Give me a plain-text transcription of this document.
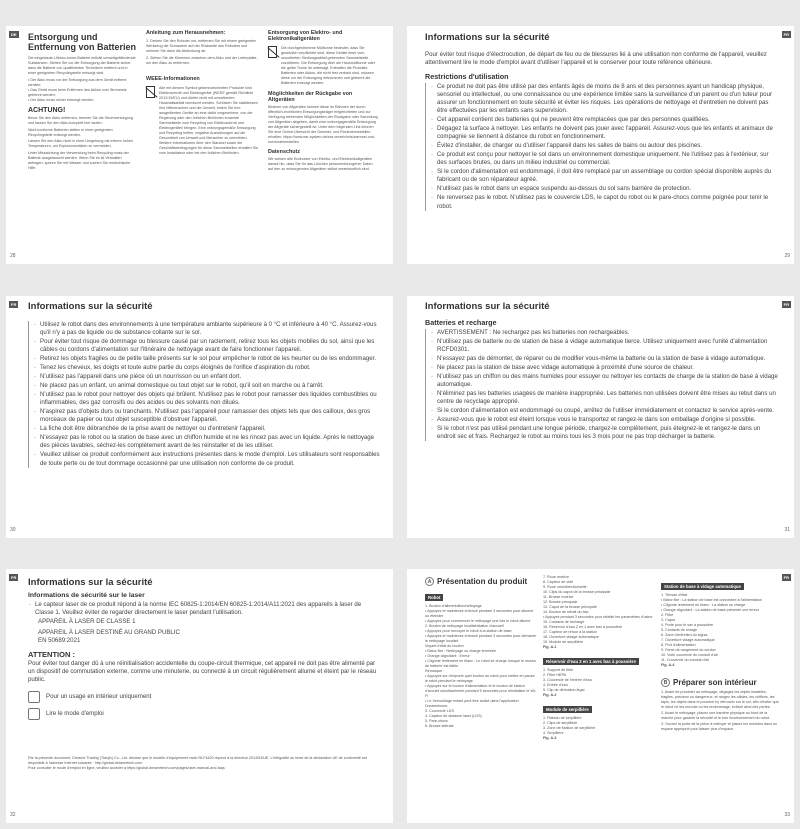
DE Entsorgung und Entfernung von Batterien
Die eingebaute Lithium-Ionen-Batterie enthält umweltgefährdende Substanzen. Stellen Sie vor der Entsorgung der Batterie sicher, dass die Batterie von qualifizierten Technikern entfernt und in einer geeigneten Recyclingstelle entsorgt wird.
• Der Akku muss vor der Entsorgung aus dem Gerät entfernt werden;
• Das Gerät muss beim Entfernen des Akkus vom Stromnetz getrennt werden;
• Der Akku muss sicher entsorgt werden.
ACHTUNG!
Bevor Sie den Akku entfernen, trennen Sie die Stromversorgung und lassen Sie den Akku komplett leer laufen.
Nicht konforme Batterien stellen in einer geeigneten Recyclingstelle entsorgt werden.
Lassen Sie den Akku nicht in einer Umgebung mit extrem hohen Temperaturen, um Explosionsrisiken zu vermeiden.
Unter Missachtung der Verwendung beim Recycling muss der Batterie ausgetauscht werden. Wenn Sie es ist Verwalten anfragen, spüren Sie mit Wasser und suchen Sie medizinische Hilfe.
Anleitung zum Herausnehmen:
1. Drehen Sie den Roboter um, entfernen Sie mit einem geeigneten Werkzeug die Schrauben auf der Rückseite des Roboters und nehmen Sie dann die Abdeckung ab.
2. Ziehen Sie die Klemmen zwischen dem Akku und der Leiterplatte, um den Akku zu entfernen.
WEEE-Informationen
Alle mit diesem Symbol gekennzeichneten Produkte sind Elektroschrott und Elektrogeräte (WEEE gemäß Richtlinie 2012/19/EU) und dürfen nicht mit unsortiertem Haushaltsabfall vermischt werden. Schützen Sie stattdessen Ihre Mitmenschen und die Umwelt, indem Sie Ihre ausgedienten Geräte an eine dafür vorgesehene, von der Regierung oder den örtlichen Behörden ernannte Sammelstelle zum Recycling von Elektroschrott und Elektrogeräten bringen. Eine ordnungsgemäße Entsorgung und Recycling helfen, negative Auswirkungen auf die Gesundheit von Umwelt und Menschen zu vermeiden. Weitere Informationen über den Standort sowie die Geschäftsbedingungen für diese Sammelstellen erhalten Sie vom Installateur oder bei den örtlichen Behörden.
Entsorgung von Elektro- und Elektronikaltgeräten
Die durchgestrichene Mülltonne bedeutet, dass Sie gesetzlich verpflichtet sind, diese Geräte einer vom unsortierten Siedlungsabfall getrennten Sammelstelle zuzuführen. Die Entsorgung über die Hausmülltonne oder die gelbe Tonne ist untersagt. Enthalten die Produkte Batterien oder Akkus, die nicht fest verbaut sind, müssen diese vor der Entsorgung entnommen und getrennt als Batterien entsorgt werden.
Möglichkeiten der Rückgabe von Altgeräten
Besitzer von Altgeräten können diese im Rahmen der durch öffentlich-rechtlichen Entsorgungsträger eingerichteten und zur Verfügung stehenden Möglichkeiten der Rückgabe oder Sammlung von Altgeräten abgeben, damit eine ordnungsgemäße Entsorgung der Altgeräte sichergestellt ist. Unter dem folgenden Link können Sie eine Online-Übersicht der Sammel- und Rücknahmestellen erhalten: https://www.ear-system.de/ear-verzeichnis/sammel-und-ruecknahmestellen
Datenschutz
Wir weisen alle Endnutzer von Elektro- und Elektronikaltgeräten darauf hin, dass Sie für das Löschen personenbezogener Daten auf den zu entsorgenden Altgeräten selbst verantwortlich sind.
28
FR
Informations sur la sécurité
Pour éviter tout risque d'électrocution, de départ de feu ou de blessures lié à une utilisation non conforme de l'appareil, veuillez attentivement lire le mode d'emploi avant d'utiliser l'appareil et le conserver pour toute référence ultérieure.
Restrictions d'utilisation
· Ce produit ne doit pas être utilisé par des enfants âgés de moins de 8 ans et des personnes ayant un handicap physique, sensoriel ou intellectuel, ou une connaissance ou une expérience limitée sans la surveillance d'un parent ou d'un tuteur pour assurer un fonctionnement en toute sécurité et éviter les risques. Les opérations de nettoyage et d'entretien ne doivent pas être effectuées par les enfants sans supervision.
· Cet appareil contient des batteries qui ne peuvent être remplacées que par des personnes qualifiées.
· Dégagez la surface à nettoyer. Les enfants ne doivent pas jouer avec l'appareil. Assurez-vous que les enfants et animaux de compagnie se tiennent à distance du robot en fonctionnement.
· Évitez d'installer, de charger ou d'utiliser l'appareil dans les salles de bains ou autour des piscines.
· Ce produit est conçu pour nettoyer le sol dans un environnement domestique uniquement. Ne l'utilisez pas à l'extérieur, sur des surfaces brutes, ou dans un milieu industriel ou commercial.
· Si le cordon d'alimentation est endommagé, il doit être remplacé par un assemblage ou cordon spécial disponible auprès du fabricant ou de son réparateur agréé.
· N'utilisez pas le robot dans un espace suspendu au-dessus du sol sans barrière de protection.
· Ne renversez pas le robot. N'utilisez pas le couvercle LDS, le capot du robot ou le pare-chocs comme poignée pour tenir le robot.
29
FR Informations sur la sécurité
· Utilisez le robot dans des environnements à une température ambiante supérieure à 0 °C et inférieure à 40 °C. Assurez-vous qu'il n'y a pas de liquide ou de substance collante sur le sol.
· Pour éviter tout risque de dommage ou blessure causé par un raclement, retirez tous les objets mobiles du sol, ainsi que les câbles ou cordons d'alimentation sur l'itinéraire de nettoyage avant de faire fonctionner l'appareil.
· Retirez les objets fragiles ou de petite taille présents sur le sol pour empêcher le robot de les heurter ou de les endommager.
· Tenez les cheveux, les doigts et toute autre partie du corps éloignés de l'orifice d'aspiration du robot.
· N'utilisez pas l'appareil dans une pièce où un nourrisson ou un enfant dort.
· Ne placez pas un enfant, un animal domestique ou tout objet sur le robot, qu'il soit en marche ou à l'arrêt.
· N'utilisez pas le robot pour nettoyer des objets qui brûlent. N'utilisez pas le robot pour ramasser des liquides combustibles ou inflammables, des gaz corrosifs ou des acides ou des solvants non dilués.
· N'aspirez pas d'objets durs ou tranchants. N'utilisez pas l'appareil pour ramasser des objets tels que des cailloux, des gros morceaux de papier ou tout objet susceptible d'obstruer l'appareil.
· La fiche doit être débranchée de la prise avant de nettoyer ou d'entretenir l'appareil.
· N'essayez pas le robot ou la station de base avec un chiffon humide et ne les rincez pas avec un liquide. Après le nettoyage des pièces lavables, séchez-les complètement avant de les réinstaller et de les utiliser.
· Veuillez utiliser ce produit conformément aux instructions présentes dans le mode d'emploi. Les utilisateurs sont responsables de toute perte ou de tout dommage occasionné par une utilisation non conforme de ce produit.
30
FR
Informations sur la sécurité
Batteries et recharge
· AVERTISSEMENT : Ne rechargez pas les batteries non rechargeables.
· N'utilisez pas de batterie ou de station de base à vidage automatique tierce. Utilisez uniquement avec l'unité d'alimentation RCFD0301.
· N'essayez pas de démonter, de réparer ou de modifier vous-même la batterie ou la station de base à vidage automatique.
· Ne placez pas la station de base avec vidage automatique à proximité d'une source de chaleur.
· N'utilisez pas un chiffon ou des mains humides pour essuyer ou nettoyer les contacts de charge de la station de base à vidage automatique.
· N'éliminez pas les batteries usagées de manière inappropriée. Les batteries non utilisées doivent être mises au rebut dans un centre de recyclage approprié.
· Si le cordon d'alimentation est endommagé ou coupé, arrêtez de l'utiliser immédiatement et contactez le service après-vente.
· Assurez-vous que le robot est éteint lorsque vous le transportez et rangez-le dans son emballage d'origine si possible.
· Si le robot n'est pas utilisé pendant une longue période, chargez-le complètement, puis éteignez-le et rangez-le dans un endroit sec et frais. Rechargez le robot au moins tous les 3 mois pour ne pas trop décharger la batterie.
31
FR Informations sur la sécurité
Informations de sécurité sur le laser
· Le capteur laser de ce produit répond à la norme IEC 60825-1:2014/EN 60825-1:2014/A11:2021 des appareils à laser de Classe 1. Veuillez éviter de regarder directement le laser pendant l'utilisation.
APPAREIL À LASER DE CLASSE 1
APPAREIL À LASER DESTINÉ AU GRAND PUBLIC
EN 50689:2021
ATTENTION :
Pour éviter tout danger dû à une réinitialisation accidentelle du coupe-circuit thermique, cet appareil ne doit pas être alimenté par un dispositif de commutation externe, comme une minuterie, ou connecté à un circuit régulièrement allumé et éteint par le réseau public.
Pour un usage en intérieur uniquement
Lire le mode d'emploi
Par la présente document, Dreame Trading (Tianjin) Co., Ltd. déclare que le modèle d'équipement radio RLF4420 répond à la directive 2014/53/UE. L'intégralité du texte de la déclaration UE de conformité est disponible à l'adresse Internet suivante : http://global.dreametech.com
Pour consulter le mode d'emploi en ligne, veuillez accéder à https://global.dreametech.com/pages/user-manual-and-faqs
32
FR
A Présentation du produit
Robot
1. Bouton d'alimentation/nettoyage
• Appuyez et maintenez enfoncé pendant 3 secondes pour allumer ou éteindre
• Appuyez pour commencer le nettoyage une fois le robot allumé
2. Bouton de nettoyage localisé/station d'accueil
• Appuyez pour renvoyer le robot à la station de base
• Appuyez et maintenez enfoncé pendant 3 secondes pour démarrer le nettoyage localisé
Voyant d'état du bouton
• Blanc fixe : Nettoyage ou charge terminée
• Orange clignotant : Erreur
• Clignote lentement en blanc : Le robot se charge lorsque le niveau de batterie est faible
Remarque :
• Appuyez sur n'importe quel bouton du robot pour mettre en pause le robot pendant le nettoyage
• Appuyez sur le bouton d'alimentation et le bouton de station d'accueil simultanément pendant 5 secondes pour réinitialiser le Wi-Fi
• Le Verrouillage enfant peut être activé dans l'application Dreamehome.
3. Couvercle LDS
4. Capteur de distance laser (LDS)
5. Pare-chocs
6. Brosse latérale
7. Roue motrice
8. Capteur de vide
9. Roue omnidirectionnelle
10. Clips du capot de la brosse principale
11. Brosse motrice
12. Brosse principale
13. Capot de la brosse principale
14. Bouton de retrait du bac
• Appuyez pendant 3 secondes pour rétablir les paramètres d'usine
15. Contacts de recharge
16. Réservoir d'eau 2 en 1 avec bac à poussière
17. Capteur de retour à la station
18. Ouverture vidage automatique
19. Module de serpillière
Fig. A-1
Réservoir d'eau 2 en 1 avec bac à poussière
1. Support de filtre
2. Filtre HEPA
3. Couvercle de l'entrée d'eau
4. Entrée d'eau
5. Clip de dérivation légal
Fig. A-2
Module de serpillière
1. Plateau de serpillière
2. Clips de serpillière
3. Zone de fixation de serpillière
4. Serpillière
Fig. A-3
Station de base à vidage automatique
1. Témoin d'état
• Blanc fixe : La station de base est connectée à l'alimentation
• Clignote lentement en blanc : La station se charge
• Orange clignotant : La station de base présente une erreur
2. Filtre
3. Capot
4. Porte pour le sac à poussière
5. Contacts de charge
6. Zone d'entretien du signal
7. Ouverture vidage automatique
8. Port d'alimentation
9. Fente de rangement du cordon
10. Voile couvercle du conduit d'air
11. Couvercle du conduit d'air
Fig. A-4
B Préparer son intérieur
1. Avant de procéder au nettoyage, dégagez les objets instables, fragiles, précieux ou dangereux, et rangez les câbles, les chiffons, les tapis, les objets dans et pouvant s'y retrouver sur le sol, afin d'éviter que le robot ne les enroule ou les endommage, évitant ainsi des pertes.
2. Avant le nettoyage, placez une barrière physique au bord de la marche pour garantir la sécurité et le bon fonctionnement du robot.
3. Ouvrez la porte de la pièce à nettoyer et placez les meubles dans un espace approprié pour laisser plus d'espace.
33
